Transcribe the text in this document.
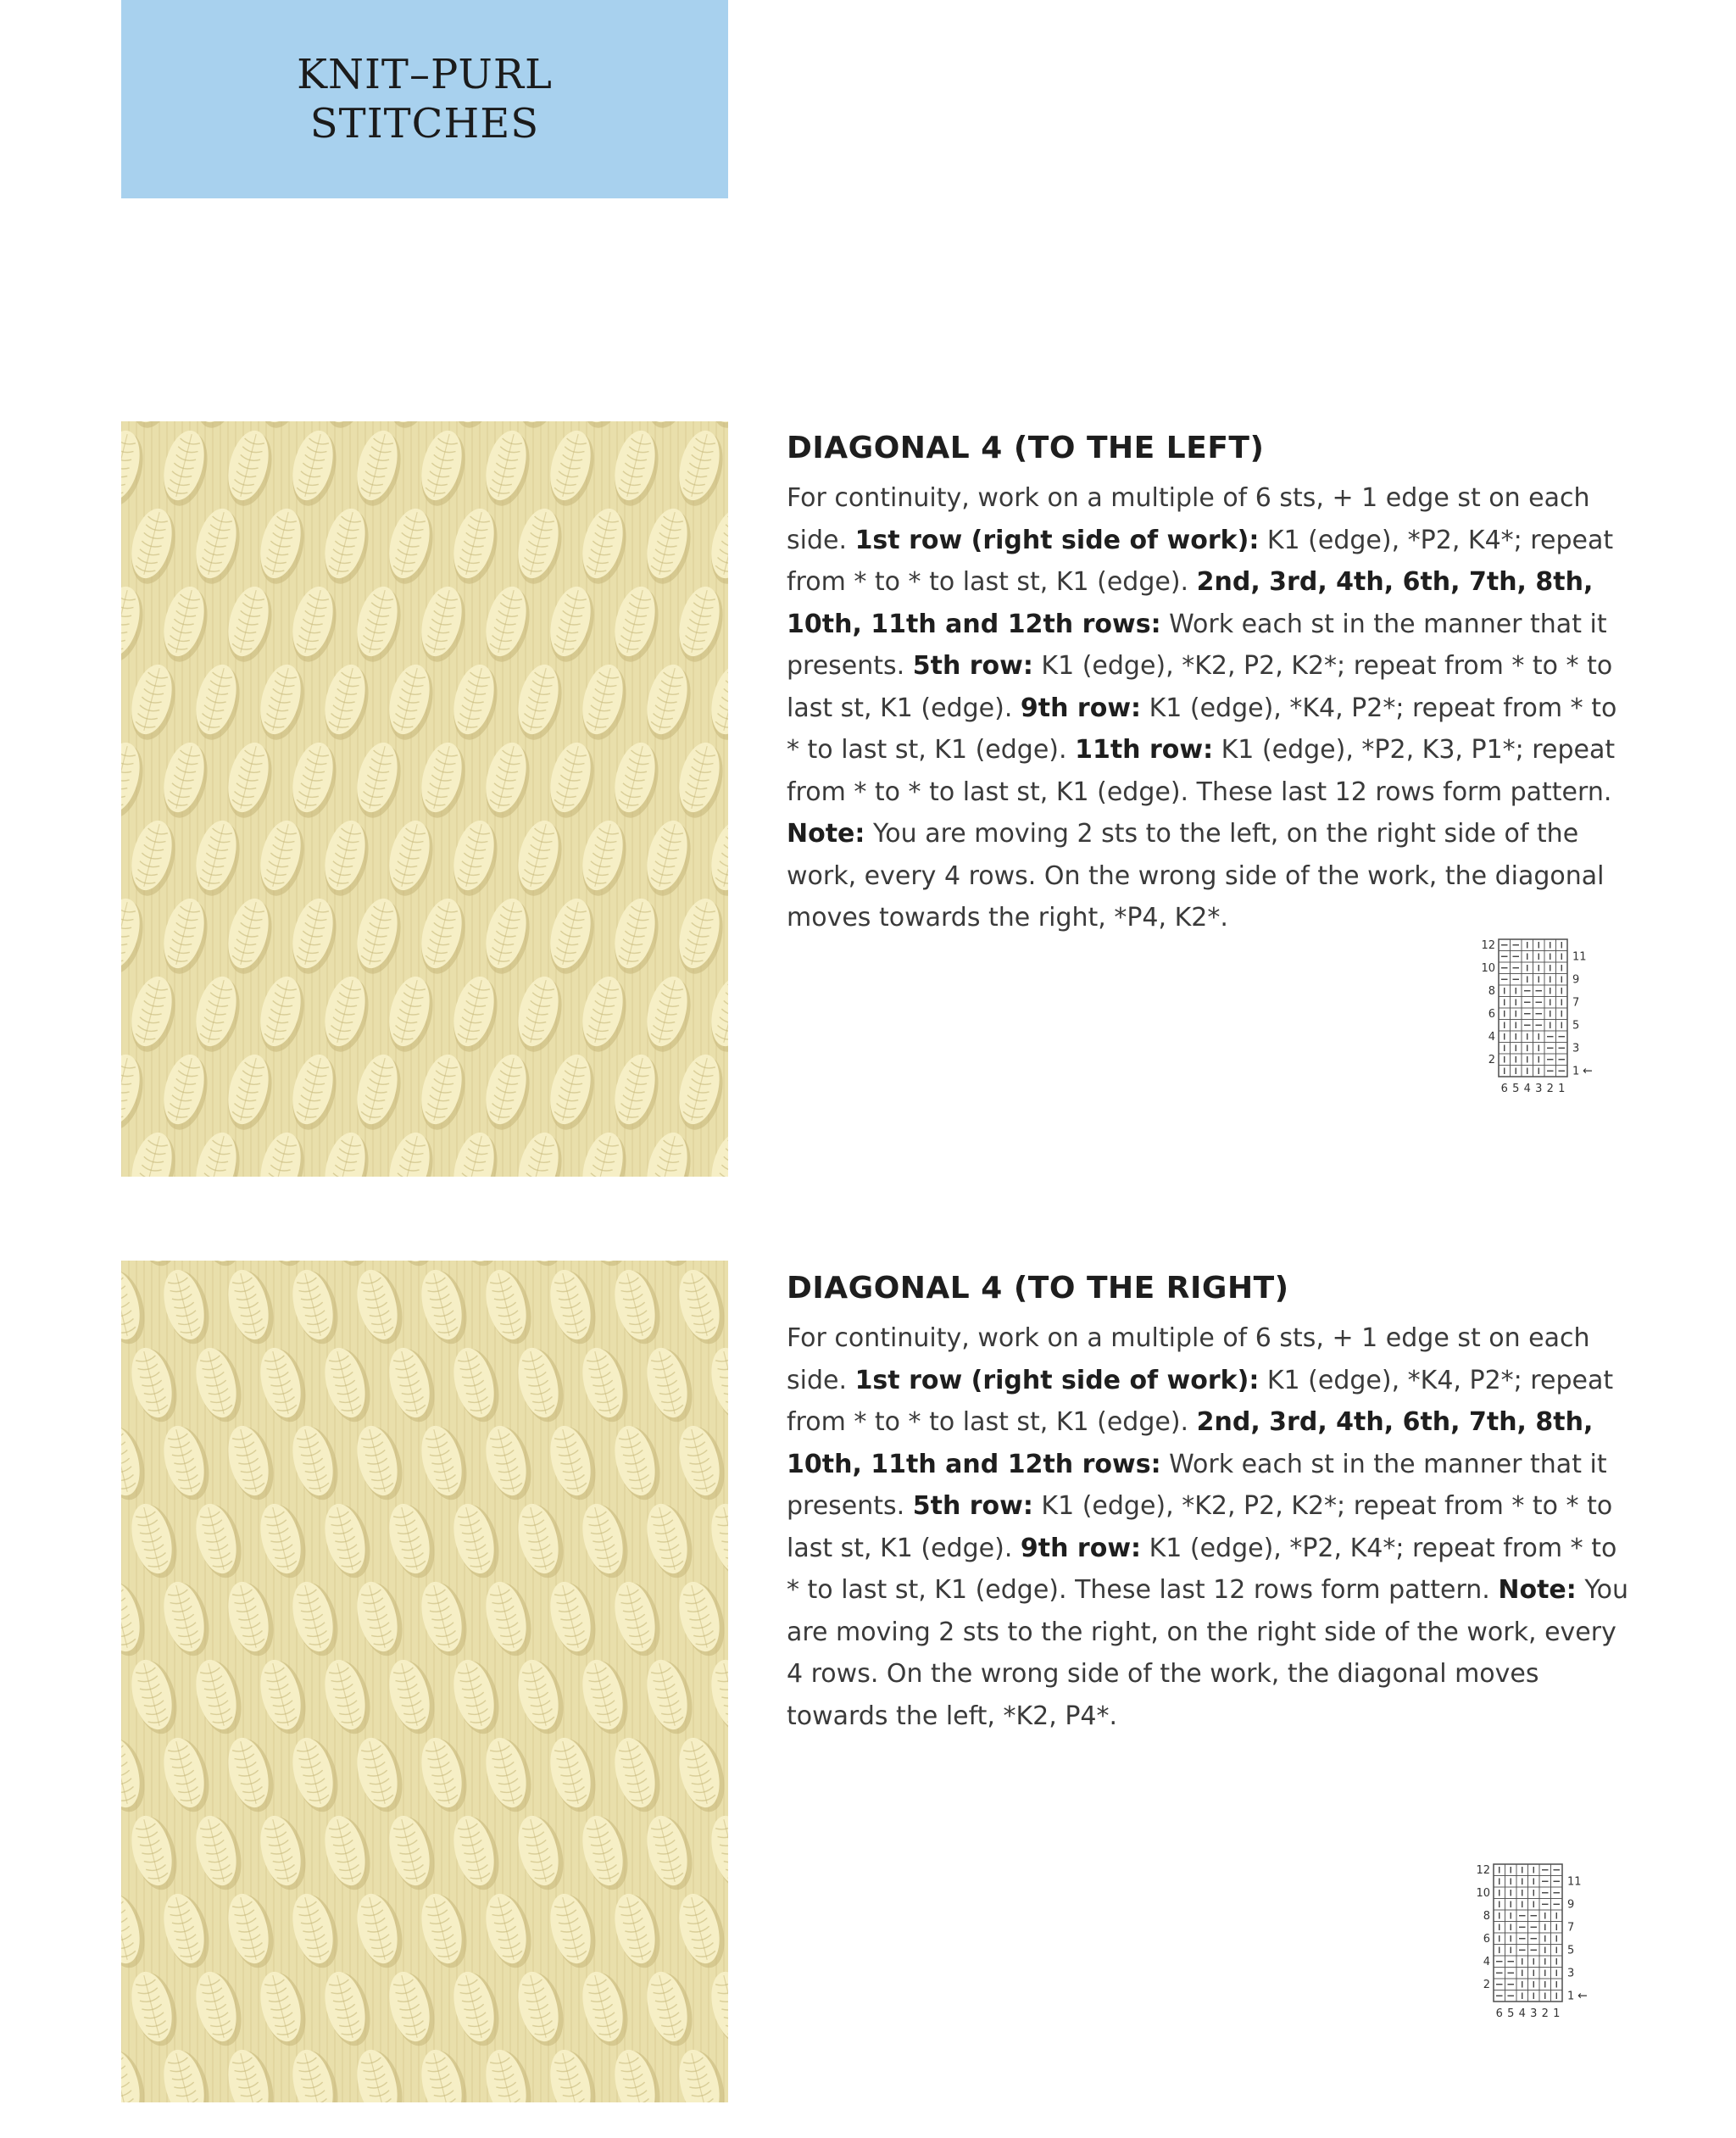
KNIT–PURL
STITCHES
DIAGONAL 4 (TO THE LEFT)

For continuity, work on a multiple of 6 sts, + 1 edge st on each side. 1st row (right side of work): K1 (edge), *P2, K4*; repeat from * to * to last st, K1 (edge). 2nd, 3rd, 4th, 6th, 7th, 8th, 10th, 11th and 12th rows: Work each st in the manner that it presents. 5th row: K1 (edge), *K2, P2, K2*; repeat from * to * to last st, K1 (edge). 9th row: K1 (edge), *K4, P2*; repeat from * to * to last st, K1 (edge). 11th row: K1 (edge), *P2, K3, P1*; repeat from * to * to last st, K1 (edge). These last 12 rows form pattern. Note: You are moving 2 sts to the left, on the right side of the work, every 4 rows. On the wrong side of the work, the diagonal moves towards the right, *P4, K2*.

12
10
8
6
4
2
11
9
7
5
3
1 ←
6 5 4 3 2 1
DIAGONAL 4 (TO THE RIGHT)

For continuity, work on a multiple of 6 sts, + 1 edge st on each side. 1st row (right side of work): K1 (edge), *K4, P2*; repeat from * to * to last st, K1 (edge). 2nd, 3rd, 4th, 6th, 7th, 8th, 10th, 11th and 12th rows: Work each st in the manner that it presents. 5th row: K1 (edge), *K2, P2, K2*; repeat from * to * to last st, K1 (edge). 9th row: K1 (edge), *P2, K4*; repeat from * to * to last st, K1 (edge). These last 12 rows form pattern. Note: You are moving 2 sts to the right, on the right side of the work, every 4 rows. On the wrong side of the work, the diagonal moves towards the left, *K2, P4*.

12
10
8
6
4
2
11
9
7
5
3
1 ←
6 5 4 3 2 1
